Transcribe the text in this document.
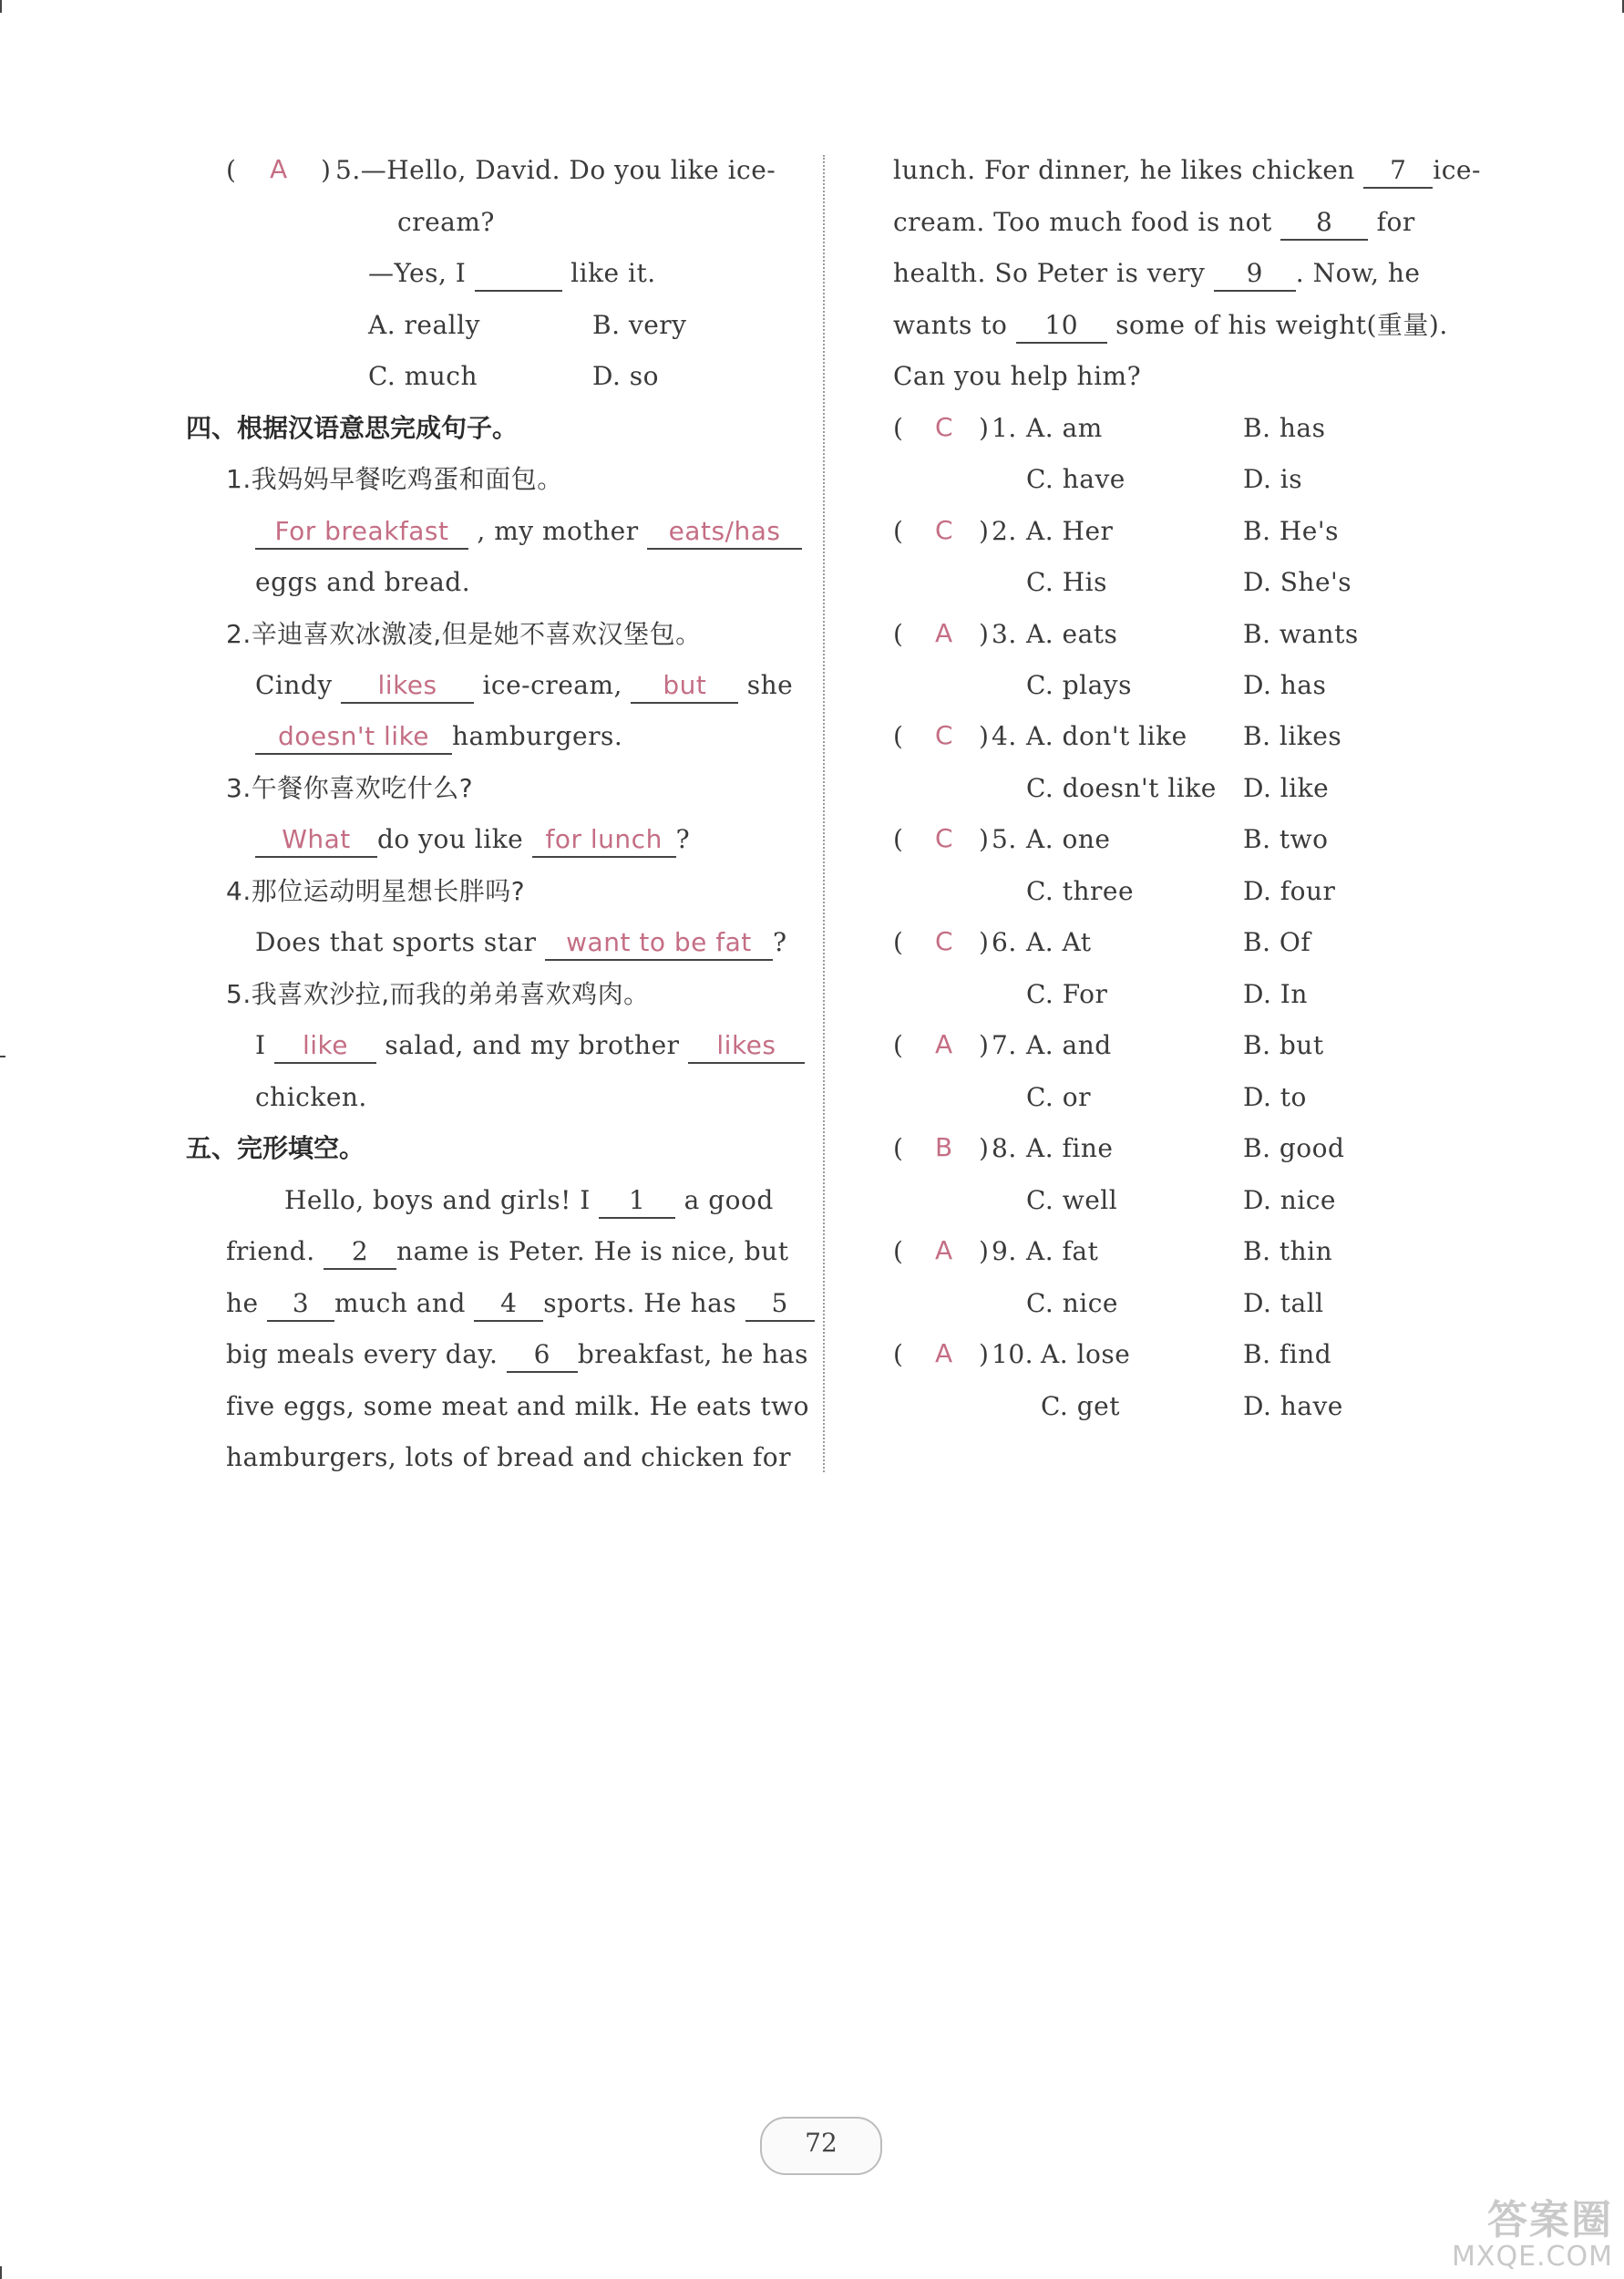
( A ) 5.—Hello, David. Do you like ice-
cream?
—Yes, I	like it.
A. really	B. very
C. much	D. so
四、根据汉语意思完成句子。
1.我妈妈早餐吃鸡蛋和面包。
For breakfast , my mother eats/has
eggs and bread.
2.辛迪喜欢冰激凌,但是她不喜欢汉堡包。
Cindy likes ice-cream, but she
doesn't like hamburgers.
3.午餐你喜欢吃什么?
What do you like for lunch ?
4.那位运动明星想长胖吗?
Does that sports star want to be fat ?
5.我喜欢沙拉,而我的弟弟喜欢鸡肉。
I like salad, and my brother likes
chicken.
五、完形填空。
Hello, boys and girls! I 1 a good
friend. 2 name is Peter. He is nice, but
he 3 much and 4 sports. He has 5
big meals every day. 6 breakfast, he has
five eggs, some meat and milk. He eats two
hamburgers, lots of bread and chicken for
lunch. For dinner, he likes chicken 7 ice-
cream. Too much food is not 8 for
health. So Peter is very 9 . Now, he
wants to 10 some of his weight(重量).
Can you help him?
( C ) 1. A. am	B. has
C. have	D. is
( C ) 2. A. Her	B. He's
C. His	D. She's
( A ) 3. A. eats	B. wants
C. plays	D. has
( C ) 4. A. don't like B. likes
C. doesn't like D. like
( C ) 5. A. one	B. two
C. three	D. four
( C ) 6. A. At	B. Of
C. For	D. In
( A ) 7. A. and	B. but
C. or	D. to
( B ) 8. A. fine	B. good
C. well	D. nice
( A ) 9. A. fat	B. thin
C. nice	D. tall
( A ) 10. A. lose	B. find
C. get	D. have
72
答案圈
MXQE.COM
